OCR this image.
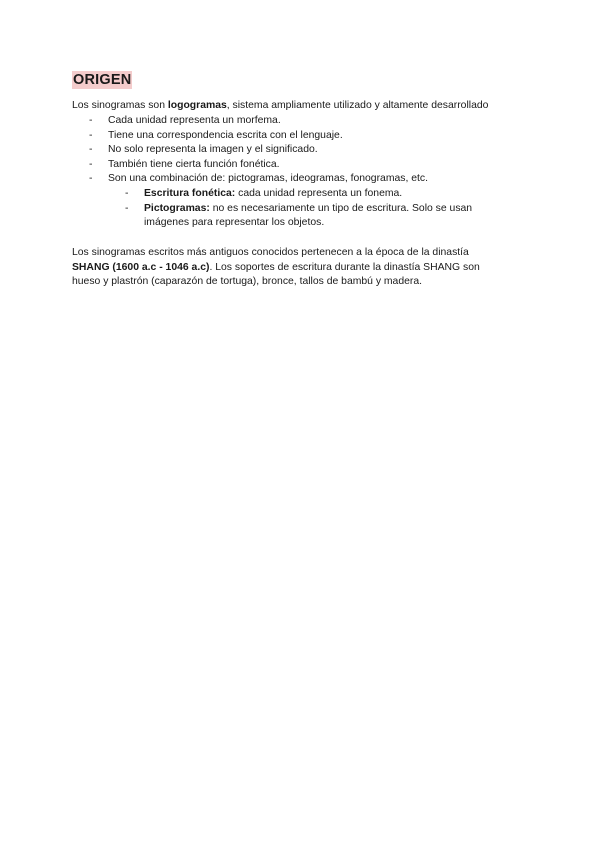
ORIGEN
Los sinogramas son logogramas, sistema ampliamente utilizado y altamente desarrollado
- Cada unidad representa un morfema.
- Tiene una correspondencia escrita con el lenguaje.
- No solo representa la imagen y el significado.
- También tiene cierta función fonética.
- Son una combinación de: pictogramas, ideogramas, fonogramas, etc.
- Escritura fonética: cada unidad representa un fonema.
- Pictogramas: no es necesariamente un tipo de escritura. Solo se usan
imágenes para representar los objetos.
Los sinogramas escritos más antiguos conocidos pertenecen a la época de la dinastía
SHANG (1600 a.c - 1046 a.c). Los soportes de escritura durante la dinastía SHANG son
hueso y plastrón (caparazón de tortuga), bronce, tallos de bambú y madera.
